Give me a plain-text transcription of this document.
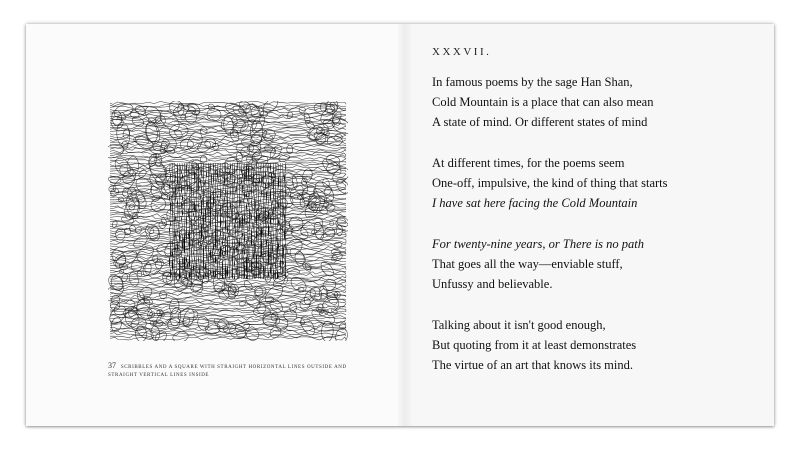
37 SCRIBBLES AND A SQUARE WITH STRAIGHT HORIZONTAL LINES OUTSIDE AND STRAIGHT VERTICAL LINES INSIDE
XXXVII.
In famous poems by the sage Han Shan,
Cold Mountain is a place that can also mean
A state of mind. Or different states of mind
At different times, for the poems seem
One-off, impulsive, the kind of thing that starts
I have sat here facing the Cold Mountain
For twenty-nine years, or There is no path
That goes all the way—enviable stuff,
Unfussy and believable.
Talking about it isn't good enough,
But quoting from it at least demonstrates
The virtue of an art that knows its mind.
